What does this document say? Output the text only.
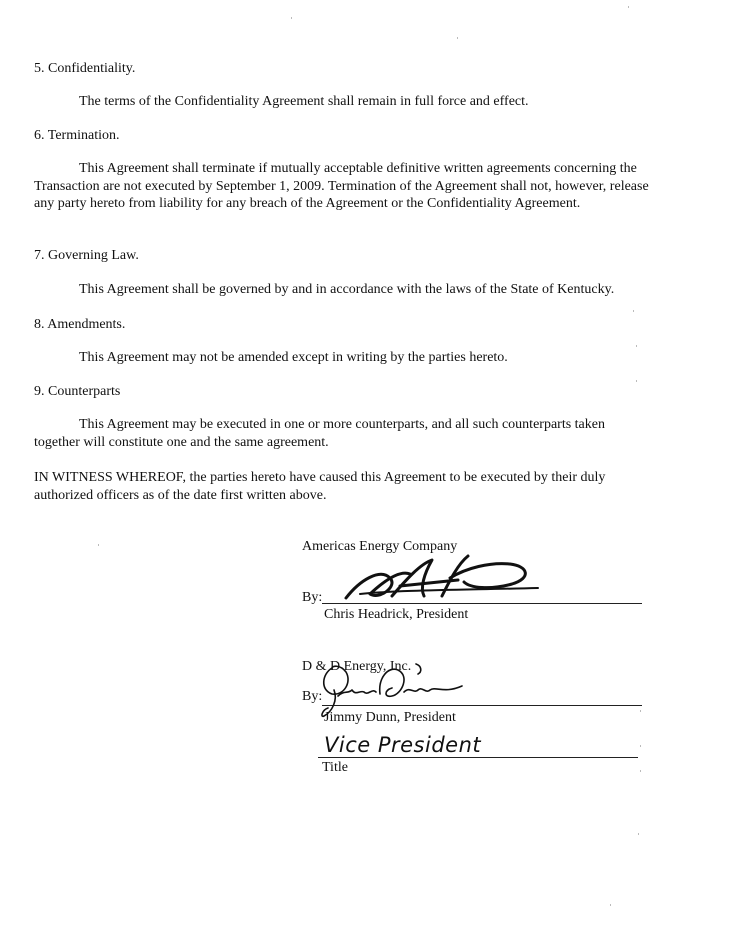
5. Confidentiality.
The terms of the Confidentiality Agreement shall remain in full force and effect.
6. Termination.
This Agreement shall terminate if mutually acceptable definitive written agreements concerning the Transaction are not executed by September 1, 2009. Termination of the Agreement shall not, however, release any party hereto from liability for any breach of the Agreement or the Confidentiality Agreement.
7. Governing Law.
This Agreement shall be governed by and in accordance with the laws of the State of Kentucky.
8. Amendments.
This Agreement may not be amended except in writing by the parties hereto.
9. Counterparts
This Agreement may be executed in one or more counterparts, and all such counterparts taken together will constitute one and the same agreement.
IN WITNESS WHEREOF, the parties hereto have caused this Agreement to be executed by their duly authorized officers as of the date first written above.
Americas Energy Company
By:
Chris Headrick, President
D & D Energy, Inc.
By:
Jimmy Dunn, President
Vice President
Title
